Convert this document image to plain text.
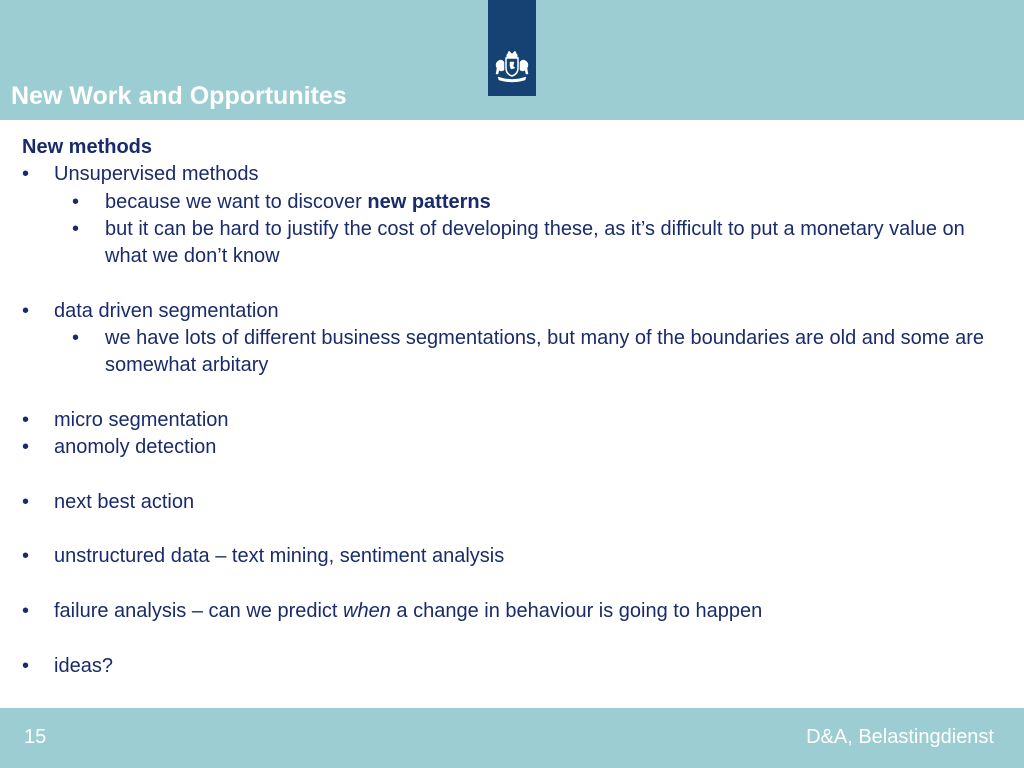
New Work and Opportunites
New methods
• Unsupervised methods
• because we want to discover new patterns
• but it can be hard to justify the cost of developing these, as it’s difficult to put a monetary value on what we don’t know
• data driven segmentation
• we have lots of different business segmentations, but many of the boundaries are old and some are somewhat arbitary
• micro segmentation
• anomoly detection
• next best action
• unstructured data – text mining, sentiment analysis
• failure analysis – can we predict when a change in behaviour is going to happen
• ideas?
15	D&A, Belastingdienst
